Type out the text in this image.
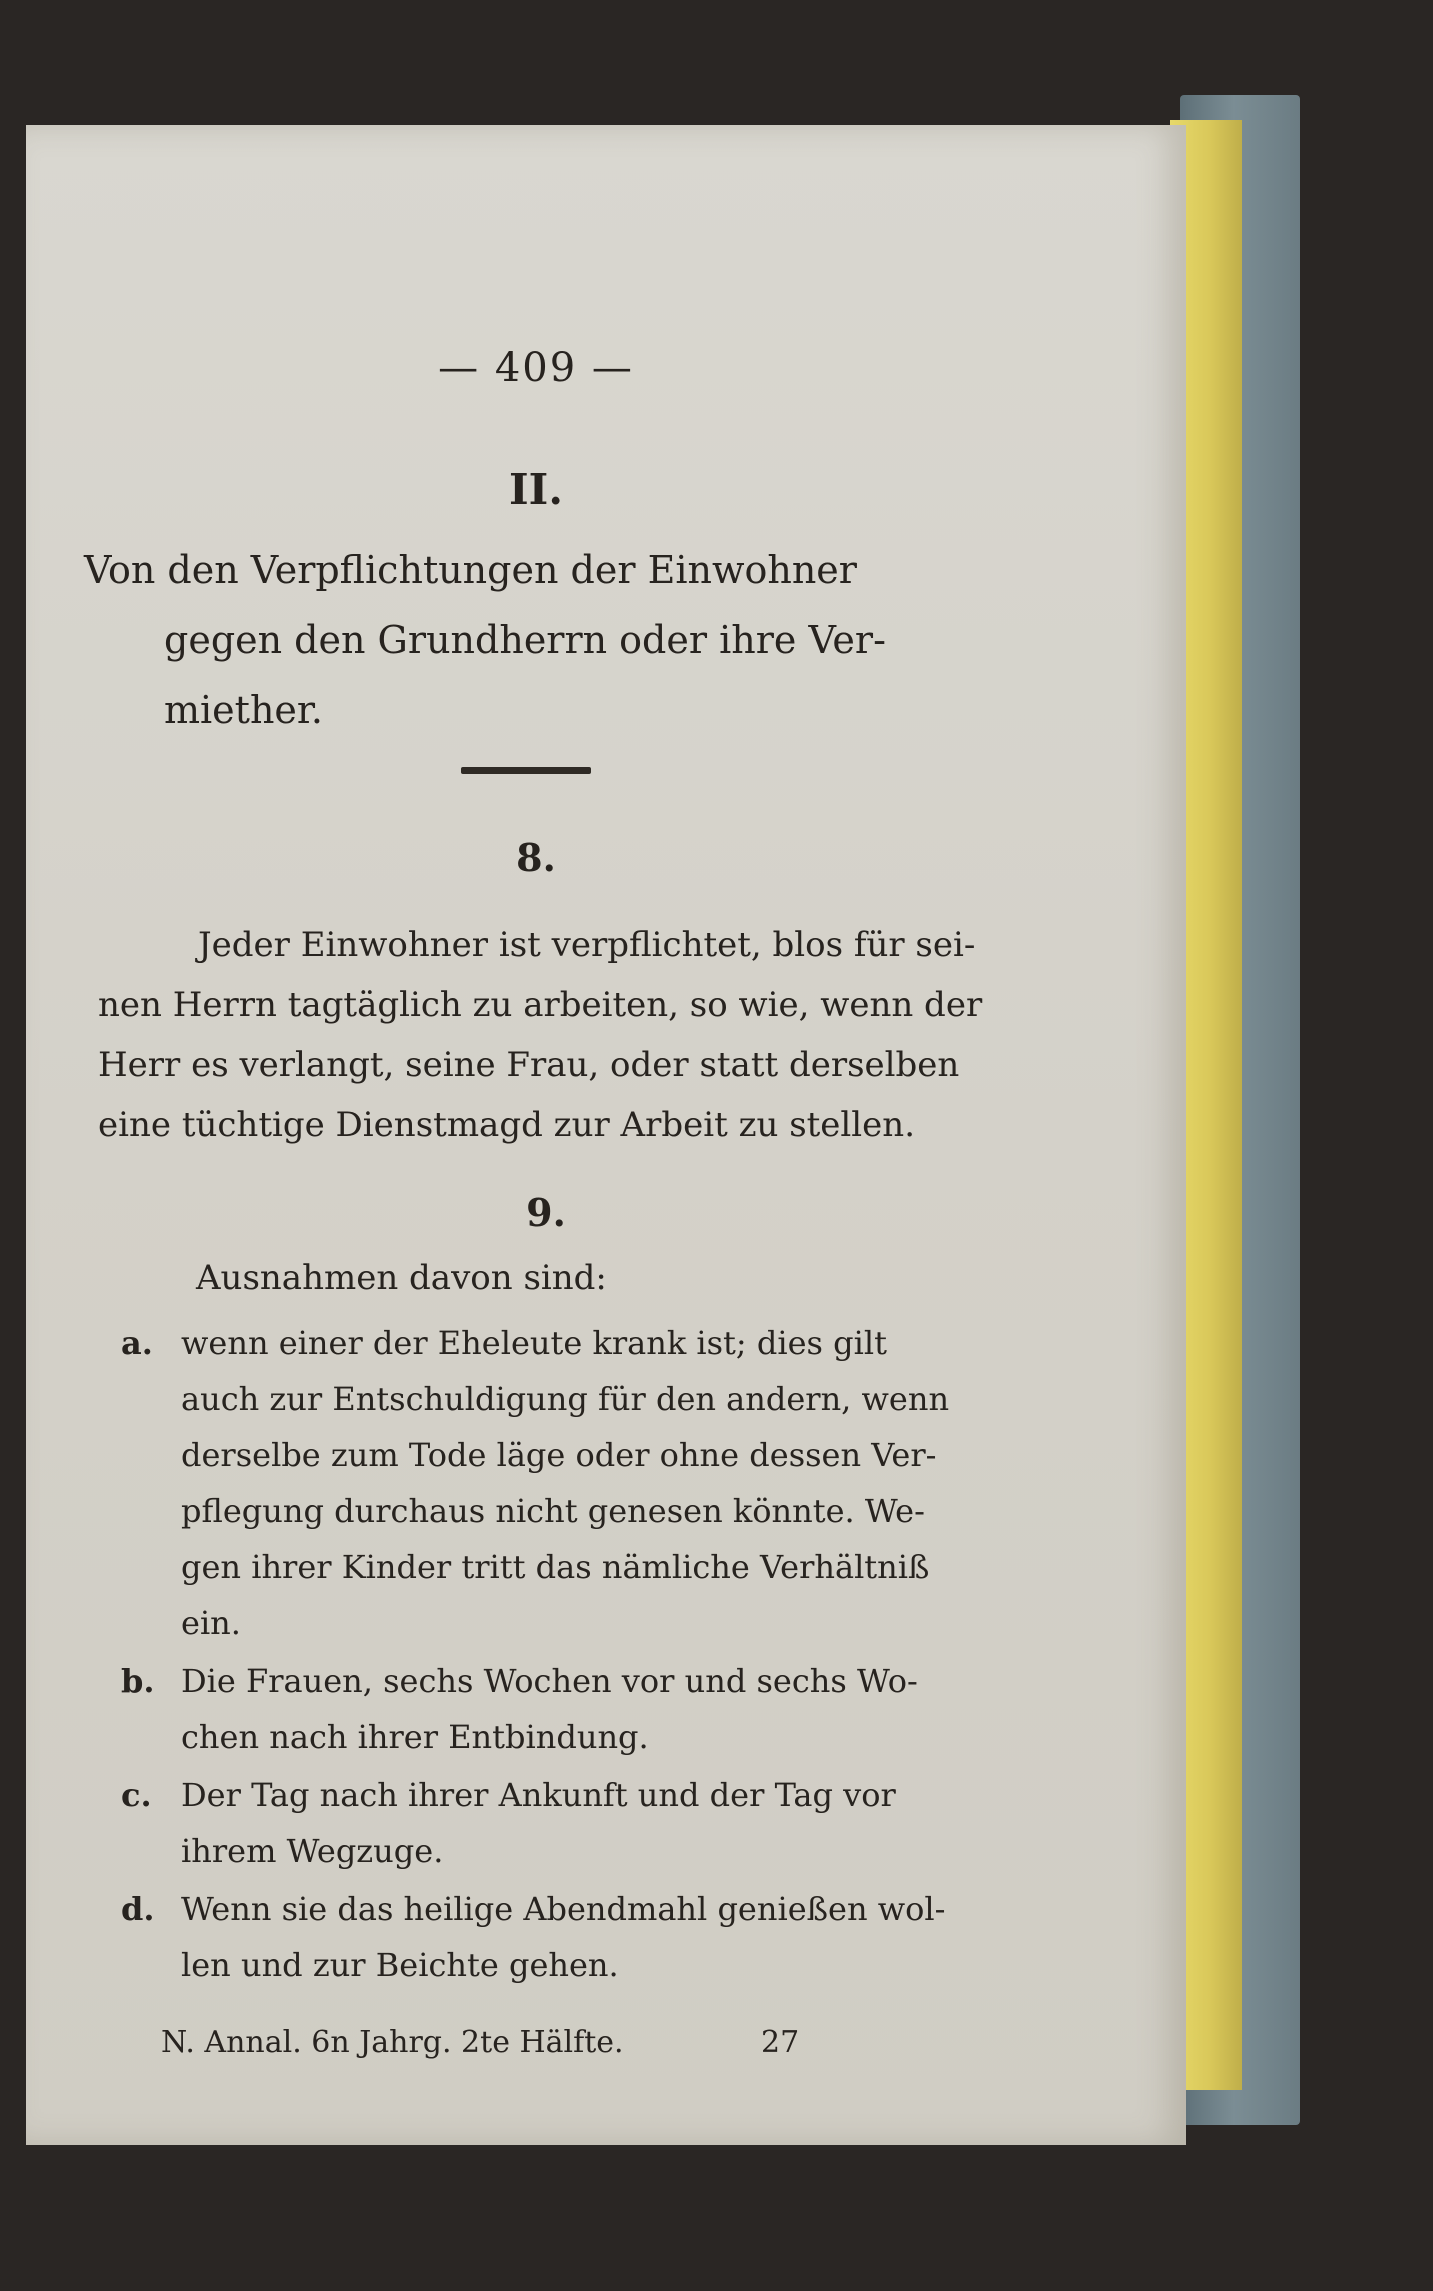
— 409 —
II.
Von den Verpflichtungen der Einwohner
gegen den Grundherrn oder ihre Ver-
miether.
8.
Jeder Einwohner ist verpflichtet, blos für sei-
nen Herrn tagtäglich zu arbeiten, so wie, wenn der
Herr es verlangt, seine Frau, oder statt derselben
eine tüchtige Dienstmagd zur Arbeit zu stellen.
9.
Ausnahmen davon sind:
a. wenn einer der Eheleute krank ist; dies gilt
auch zur Entschuldigung für den andern, wenn
derselbe zum Tode läge oder ohne dessen Ver-
pflegung durchaus nicht genesen könnte. We-
gen ihrer Kinder tritt das nämliche Verhältniß
ein.
b. Die Frauen, sechs Wochen vor und sechs Wo-
chen nach ihrer Entbindung.
c. Der Tag nach ihrer Ankunft und der Tag vor
ihrem Wegzuge.
d. Wenn sie das heilige Abendmahl genießen wol-
len und zur Beichte gehen.
N. Annal. 6n Jahrg. 2te Hälfte.	27
